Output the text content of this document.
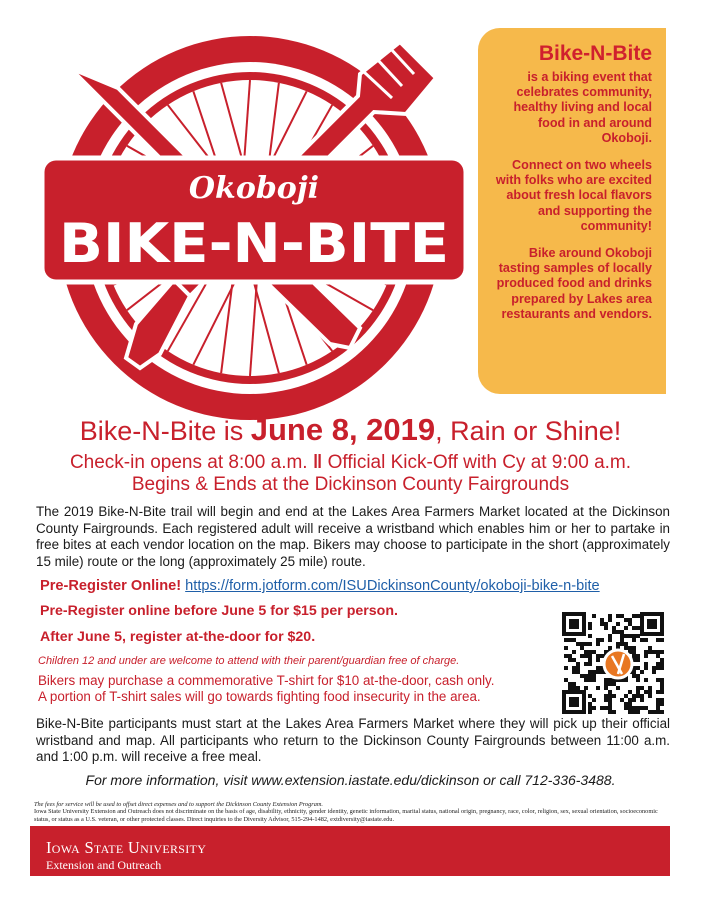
Okoboji
BIKE-N-BITE
Bike-N-Bite

is a biking event that celebrates community, healthy living and local food in and around Okoboji.

Connect on two wheels with folks who are excited about fresh local flavors and supporting the community!

Bike around Okoboji tasting samples of locally produced food and drinks prepared by Lakes area restaurants and vendors.

Bike-N-Bite is June 8, 2019, Rain or Shine!
Check-in opens at 8:00 a.m. ‖ Official Kick-Off with Cy at 9:00 a.m.
Begins & Ends at the Dickinson County Fairgrounds
The 2019 Bike-N-Bite trail will begin and end at the Lakes Area Farmers Market located at the Dickinson County Fairgrounds. Each registered adult will receive a wristband which enables him or her to partake in free bites at each vendor location on the map. Bikers may choose to participate in the short (approximately 15 mile) route or the long (approximately 25 mile) route.
Pre-Register Online! https://form.jotform.com/ISUDickinsonCounty/okoboji-bike-n-bite
Pre-Register online before June 5 for $15 per person.
After June 5, register at-the-door for $20.
Children 12 and under are welcome to attend with their parent/guardian free of charge.
Bikers may purchase a commemorative T-shirt for $10 at-the-door, cash only.
A portion of T-shirt sales will go towards fighting food insecurity in the area.
Bike-N-Bite participants must start at the Lakes Area Farmers Market where they will pick up their official wristband and map. All participants who return to the Dickinson County Fairgrounds between 11:00 a.m. and 1:00 p.m. will receive a free meal.
For more information, visit www.extension.iastate.edu/dickinson or call 712-336-3488.
The fees for service will be used to offset direct expenses and to support the Dickinson County Extension Program.
Iowa State University Extension and Outreach does not discriminate on the basis of age, disability, ethnicity, gender identity, genetic information, marital status, national origin, pregnancy, race, color, religion, sex, sexual orientation, socioeconomic status, or status as a U.S. veteran, or other protected classes. Direct inquiries to the Diversity Advisor, 515-294-1482, extdiversity@iastate.edu.
Iowa State University
Extension and Outreach
